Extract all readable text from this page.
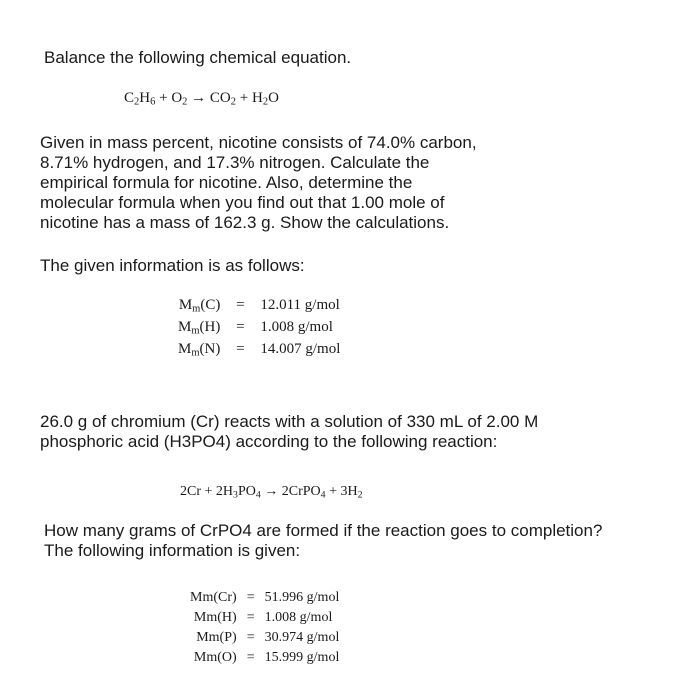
Balance the following chemical equation.
$C_2H_6 + O_2 \to CO_2 + H_2O$
Given in mass percent, nicotine consists of 74.0% carbon,
8.71% hydrogen, and 17.3% nitrogen. Calculate the
empirical formula for nicotine. Also, determine the
molecular formula when you find out that 1.00 mole of
nicotine has a mass of 162.3 g. Show the calculations.
The given information is as follows:
$M_m(C)$	=	12.011 g/mol
$M_m(H)$	=	1.008 g/mol
$M_m(N)$	=	14.007 g/mol
26.0 g of chromium (Cr) reacts with a solution of 330 mL of 2.00 M
phosphoric acid (H3PO4) according to the following reaction:
$2Cr + 2H_3PO_4$ → 2CrPO$_4$ + $3H_2$
How many grams of CrPO4 are formed if the reaction goes to completion?
The following information is given:
Mm(Cr)	=	51.996 g/mol
Mm(H)	=	1.008 g/mol
Mm(P)	=	30.974 g/mol
Mm(O)	=	15.999 g/mol
